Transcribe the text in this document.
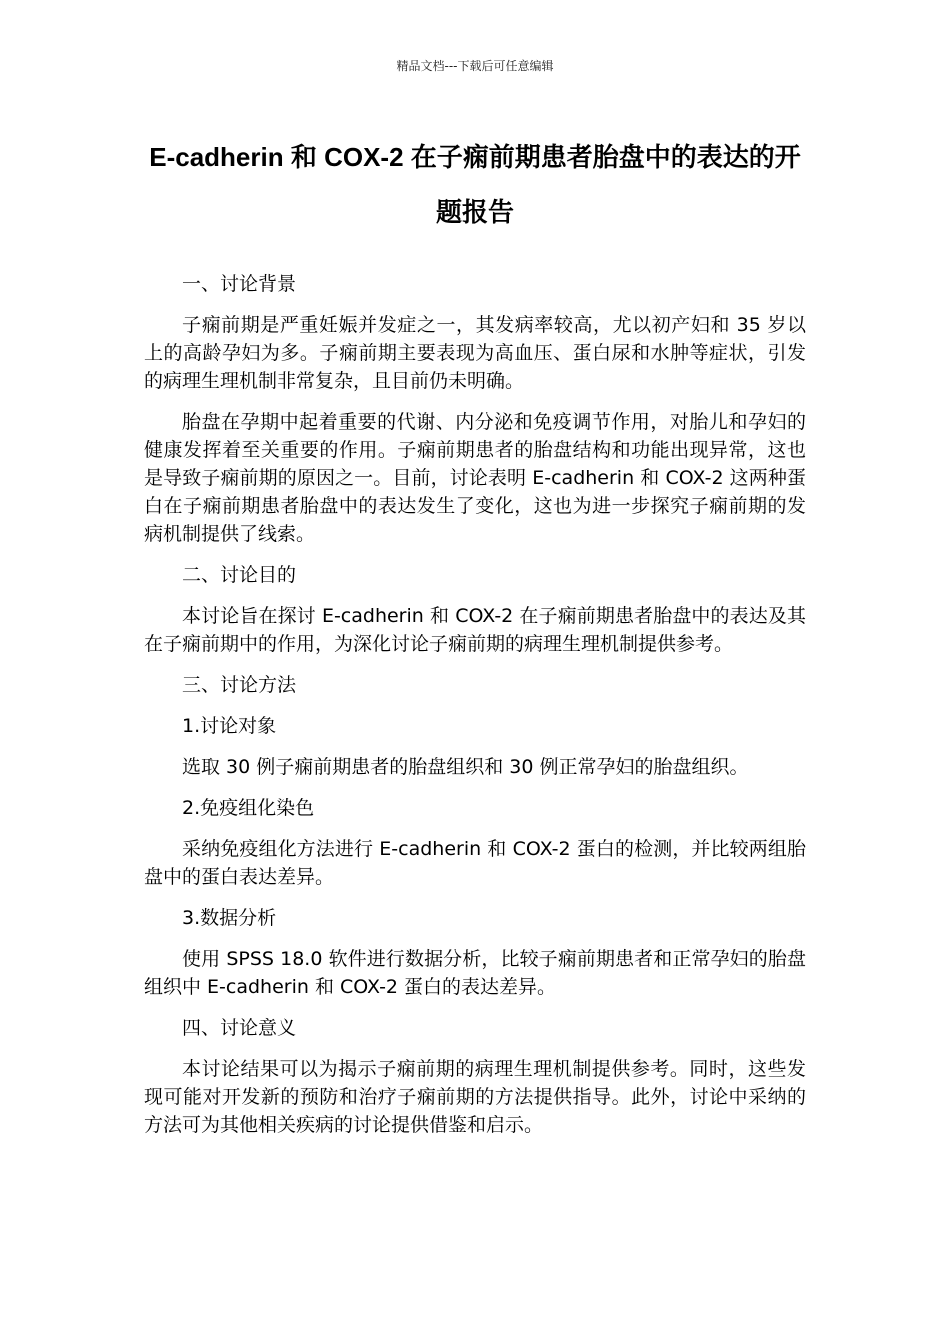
精品文档---下载后可任意编辑
E-cadherin 和 COX-2 在子痫前期患者胎盘中的表达的开题报告

一、讨论背景

子痫前期是严重妊娠并发症之一，其发病率较高，尤以初产妇和 35 岁以上的高龄孕妇为多。子痫前期主要表现为高血压、蛋白尿和水肿等症状，引发的病理生理机制非常复杂，且目前仍未明确。

胎盘在孕期中起着重要的代谢、内分泌和免疫调节作用，对胎儿和孕妇的健康发挥着至关重要的作用。子痫前期患者的胎盘结构和功能出现异常，这也是导致子痫前期的原因之一。目前，讨论表明 E-cadherin 和 COX-2 这两种蛋白在子痫前期患者胎盘中的表达发生了变化，这也为进一步探究子痫前期的发病机制提供了线索。

二、讨论目的

本讨论旨在探讨 E-cadherin 和 COX-2 在子痫前期患者胎盘中的表达及其在子痫前期中的作用，为深化讨论子痫前期的病理生理机制提供参考。

三、讨论方法

1.讨论对象

选取 30 例子痫前期患者的胎盘组织和 30 例正常孕妇的胎盘组织。

2.免疫组化染色

采纳免疫组化方法进行 E-cadherin 和 COX-2 蛋白的检测，并比较两组胎盘中的蛋白表达差异。

3.数据分析

使用 SPSS 18.0 软件进行数据分析，比较子痫前期患者和正常孕妇的胎盘组织中 E-cadherin 和 COX-2 蛋白的表达差异。

四、讨论意义

本讨论结果可以为揭示子痫前期的病理生理机制提供参考。同时，这些发现可能对开发新的预防和治疗子痫前期的方法提供指导。此外，讨论中采纳的方法可为其他相关疾病的讨论提供借鉴和启示。
